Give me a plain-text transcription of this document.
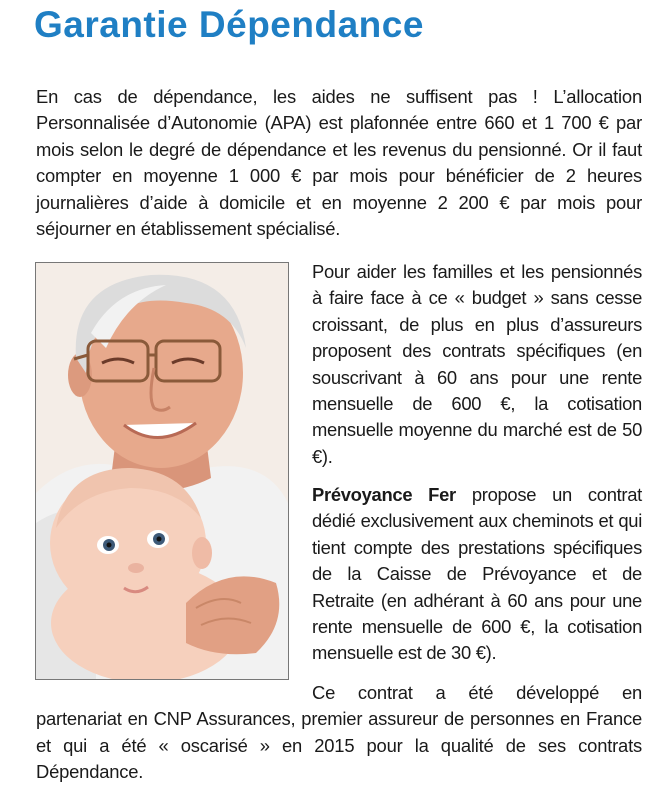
Garantie Dépendance

En cas de dépendance, les aides ne suffisent pas ! L’allocation Personnalisée d’Autonomie (APA) est plafonnée entre 660 et 1 700 € par mois selon le degré de dépendance et les revenus du pensionné. Or il faut compter en moyenne 1 000 € par mois pour bénéficier de 2 heures journalières d’aide à domicile et en moyenne 2 200 € par mois pour séjourner en établissement spécialisé.

Pour aider les familles et les pensionnés à faire face à ce « budget » sans cesse croissant, de plus en plus d’assureurs proposent des contrats spécifiques (en souscrivant à 60 ans pour une rente mensuelle de 600 €, la cotisation mensuelle moyenne du marché est de 50 €).

Prévoyance Fer propose un contrat dédié exclusivement aux cheminots et qui tient compte des prestations spécifiques de la Caisse de Prévoyance et de Retraite (en adhérant à 60 ans pour une rente mensuelle de 600 €, la cotisation mensuelle est de 30 €).

Ce contrat a été développé en partenariat en CNP Assurances, premier assureur de personnes en France et qui a été « oscarisé » en 2015 pour la qualité de ses contrats Dépendance.
